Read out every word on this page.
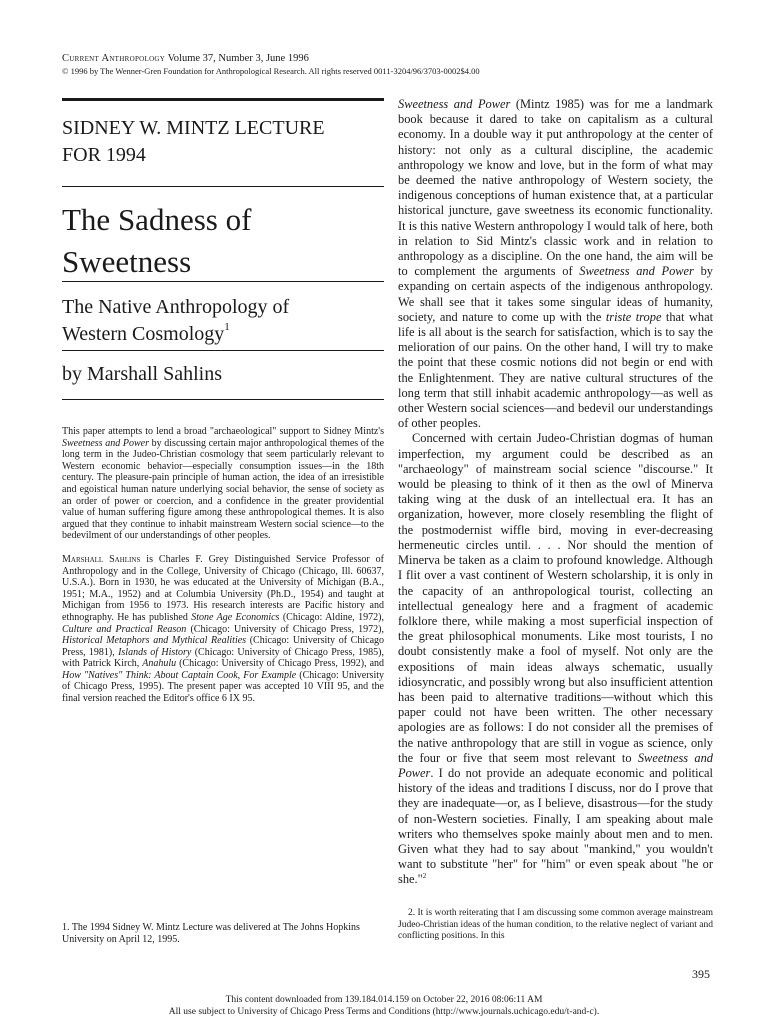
Current Anthropology Volume 37, Number 3, June 1996
© 1996 by The Wenner-Gren Foundation for Anthropological Research. All rights reserved 0011-3204/96/3703-0002$4.00
SIDNEY W. MINTZ LECTURE
FOR 1994
The Sadness of
Sweetness
The Native Anthropology of
Western Cosmology$^1$
by Marshall Sahlins
This paper attempts to lend a broad "archaeological" support to Sidney Mintz's Sweetness and Power by discussing certain major anthropological themes of the long term in the Judeo-Christian cosmology that seem particularly relevant to Western economic behavior—especially consumption issues—in the 18th century. The pleasure-pain principle of human action, the idea of an irresistible and egoistical human nature underlying social behavior, the sense of society as an order of power or coercion, and a confidence in the greater providential value of human suffering figure among these anthropological themes. It is also argued that they continue to inhabit mainstream Western social science—to the bedevilment of our understandings of other peoples.
Marshall Sahlins is Charles F. Grey Distinguished Service Professor of Anthropology and in the College, University of Chicago (Chicago, Ill. 60637, U.S.A.). Born in 1930, he was educated at the University of Michigan (B.A., 1951; M.A., 1952) and at Columbia University (Ph.D., 1954) and taught at Michigan from 1956 to 1973. His research interests are Pacific history and ethnography. He has published Stone Age Economics (Chicago: Aldine, 1972), Culture and Practical Reason (Chicago: University of Chicago Press, 1972), Historical Metaphors and Mythical Realities (Chicago: University of Chicago Press, 1981), Islands of History (Chicago: University of Chicago Press, 1985), with Patrick Kirch, Anahulu (Chicago: University of Chicago Press, 1992), and How "Natives" Think: About Captain Cook, For Example (Chicago: University of Chicago Press, 1995). The present paper was accepted 10 VIII 95, and the final version reached the Editor's office 6 IX 95.
1. The 1994 Sidney W. Mintz Lecture was delivered at The Johns Hopkins University on April 12, 1995.

Sweetness and Power (Mintz 1985) was for me a landmark book because it dared to take on capitalism as a cultural economy. In a double way it put anthropology at the center of history: not only as a cultural discipline, the academic anthropology we know and love, but in the form of what may be deemed the native anthropology of Western society, the indigenous conceptions of human existence that, at a particular historical juncture, gave sweetness its economic functionality. It is this native Western anthropology I would talk of here, both in relation to Sid Mintz's classic work and in relation to anthropology as a discipline. On the one hand, the aim will be to complement the arguments of Sweetness and Power by expanding on certain aspects of the indigenous anthropology. We shall see that it takes some singular ideas of humanity, society, and nature to come up with the triste trope that what life is all about is the search for satisfaction, which is to say the melioration of our pains. On the other hand, I will try to make the point that these cosmic notions did not begin or end with the Enlightenment. They are native cultural structures of the long term that still inhabit academic anthropology—as well as other Western social sciences—and bedevil our understandings of other peoples.

Concerned with certain Judeo-Christian dogmas of human imperfection, my argument could be described as an "archaeology" of mainstream social science "discourse." It would be pleasing to think of it then as the owl of Minerva taking wing at the dusk of an intellectual era. It has an organization, however, more closely resembling the flight of the postmodernist wiffle bird, moving in ever-decreasing hermeneutic circles until. . . . Nor should the mention of Minerva be taken as a claim to profound knowledge. Although I flit over a vast continent of Western scholarship, it is only in the capacity of an anthropological tourist, collecting an intellectual genealogy here and a fragment of academic folklore there, while making a most superficial inspection of the great philosophical monuments. Like most tourists, I no doubt consistently make a fool of myself. Not only are the expositions of main ideas always schematic, usually idiosyncratic, and possibly wrong but also insufficient attention has been paid to alternative traditions—without which this paper could not have been written. The other necessary apologies are as follows: I do not consider all the premises of the native anthropology that are still in vogue as science, only the four or five that seem most relevant to Sweetness and Power. I do not provide an adequate economic and political history of the ideas and traditions I discuss, nor do I prove that they are inadequate—or, as I believe, disastrous—for the study of non-Western societies. Finally, I am speaking about male writers who themselves spoke mainly about men and to men. Given what they had to say about "mankind," you wouldn't want to substitute "her" for "him" or even speak about "he or she."$^2$

2. It is worth reiterating that I am discussing some common average mainstream Judeo-Christian ideas of the human condition, to the relative neglect of variant and conflicting positions. In this
395
This content downloaded from 139.184.014.159 on October 22, 2016 08:06:11 AM
All use subject to University of Chicago Press Terms and Conditions (http://www.journals.uchicago.edu/t-and-c).
